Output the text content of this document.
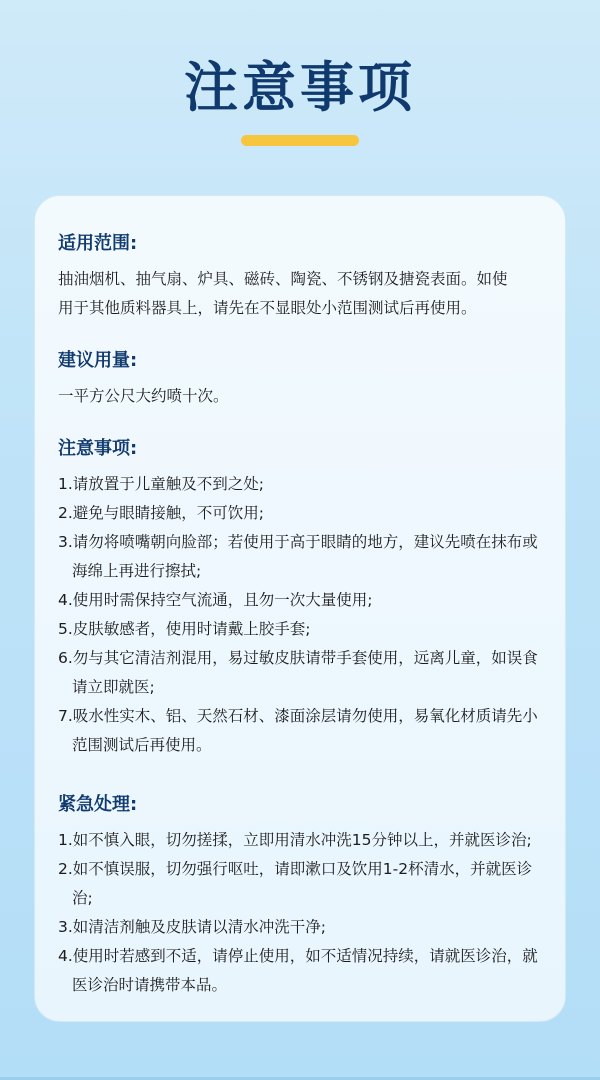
注意事项

适用范围:

抽油烟机、抽气扇、炉具、磁砖、陶瓷、不锈钢及搪瓷表面。如使

用于其他质料器具上，请先在不显眼处小范围测试后再使用。

建议用量:

一平方公尺大约喷十次。

注意事项:

1.请放置于儿童触及不到之处;
2.避免与眼睛接触，不可饮用;
3.请勿将喷嘴朝向脸部；若使用于高于眼睛的地方，建议先喷在抹布或海绵上再进行擦拭;
4.使用时需保持空气流通，且勿一次大量使用;
5.皮肤敏感者，使用时请戴上胶手套;
6.勿与其它清洁剂混用，易过敏皮肤请带手套使用，远离儿童，如误食请立即就医;
7.吸水性实木、铝、天然石材、漆面涂层请勿使用，易氧化材质请先小范围测试后再使用。

紧急处理:

1.如不慎入眼，切勿搓揉，立即用清水冲洗15分钟以上，并就医诊治;
2.如不慎误服，切勿强行呕吐，请即漱口及饮用1-2杯清水，并就医诊治;
3.如清洁剂触及皮肤请以清水冲洗干净;
4.使用时若感到不适，请停止使用，如不适情况持续，请就医诊治，就医诊治时请携带本品。
